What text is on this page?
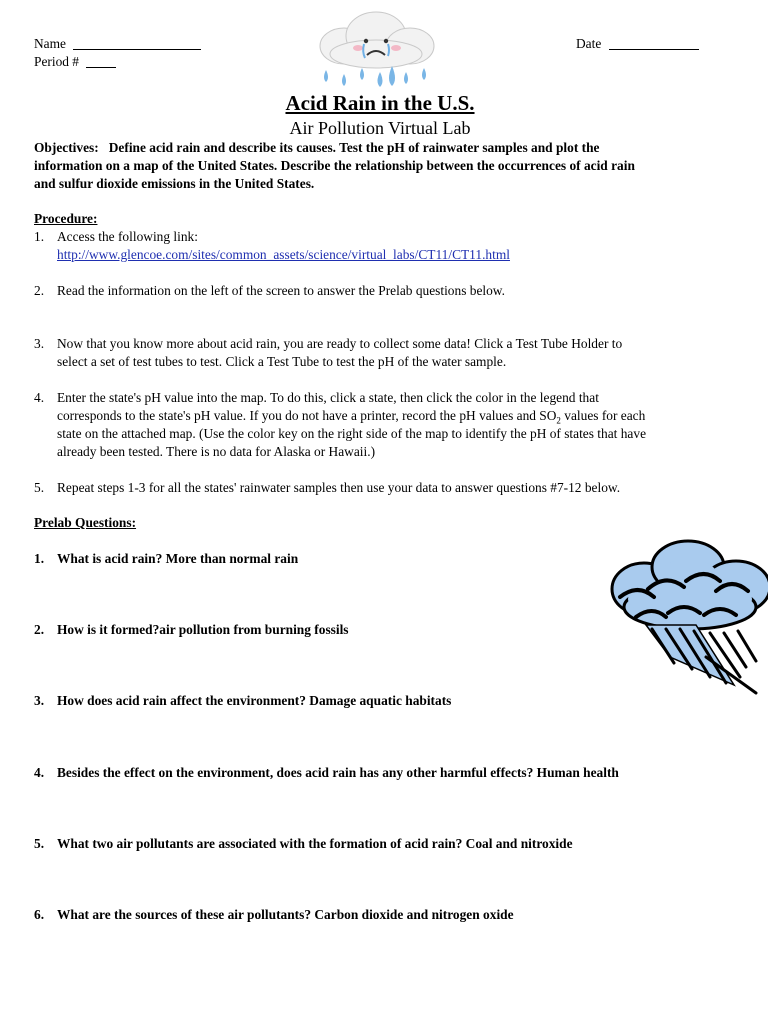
Name
Period #
Date
Acid Rain in the U.S.
Air Pollution Virtual Lab
Objectives: Define acid rain and describe its causes. Test the pH of rainwater samples and plot the
information on a map of the United States. Describe the relationship between the occurrences of acid rain
and sulfur dioxide emissions in the United States.
Procedure:
1. Access the following link:
http://www.glencoe.com/sites/common_assets/science/virtual_labs/CT11/CT11.html
2. Read the information on the left of the screen to answer the Prelab questions below.
3. Now that you know more about acid rain, you are ready to collect some data! Click a Test Tube Holder to
select a set of test tubes to test. Click a Test Tube to test the pH of the water sample.
4. Enter the state's pH value into the map. To do this, click a state, then click the color in the legend that
corresponds to the state's pH value. If you do not have a printer, record the pH values and $SO_2$ values for each
state on the attached map. (Use the color key on the right side of the map to identify the pH of states that have
already been tested. There is no data for Alaska or Hawaii.)
5. Repeat steps 1-3 for all the states' rainwater samples then use your data to answer questions #7-12 below.
Prelab Questions:
1. What is acid rain? More than normal rain
2. How is it formed?air pollution from burning fossils
3. How does acid rain affect the environment? Damage aquatic habitats
4. Besides the effect on the environment, does acid rain has any other harmful effects? Human health
5. What two air pollutants are associated with the formation of acid rain? Coal and nitroxide
6. What are the sources of these air pollutants? Carbon dioxide and nitrogen oxide
